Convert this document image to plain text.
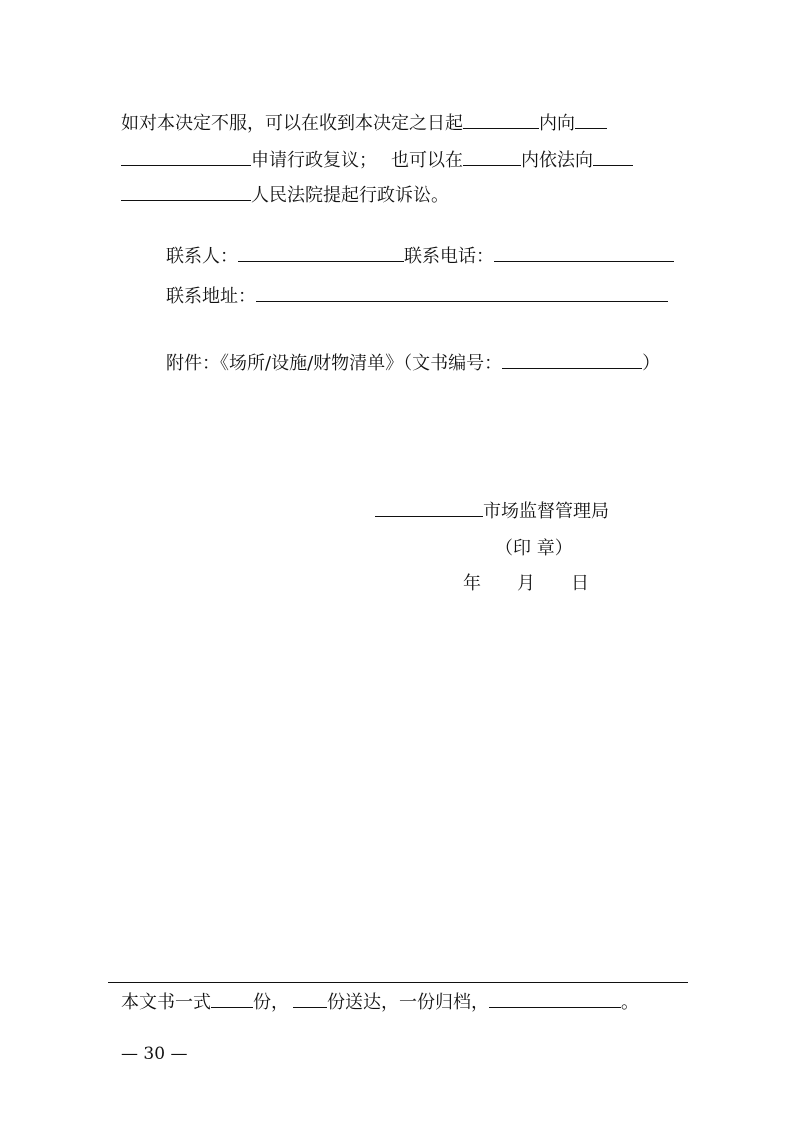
如对本决定不服，可以在收到本决定之日起	内向
申请行政复议； 也可以在	内依法向
人民法院提起行政诉讼。
联系人：	联系电话：
联系地址：
附件：《场所/设施/财物清单》（文书编号：	）
市场监督管理局
（印 章）
年 月 日
本文书一式 份， 份送达，一份归档，	。
— 30 —
